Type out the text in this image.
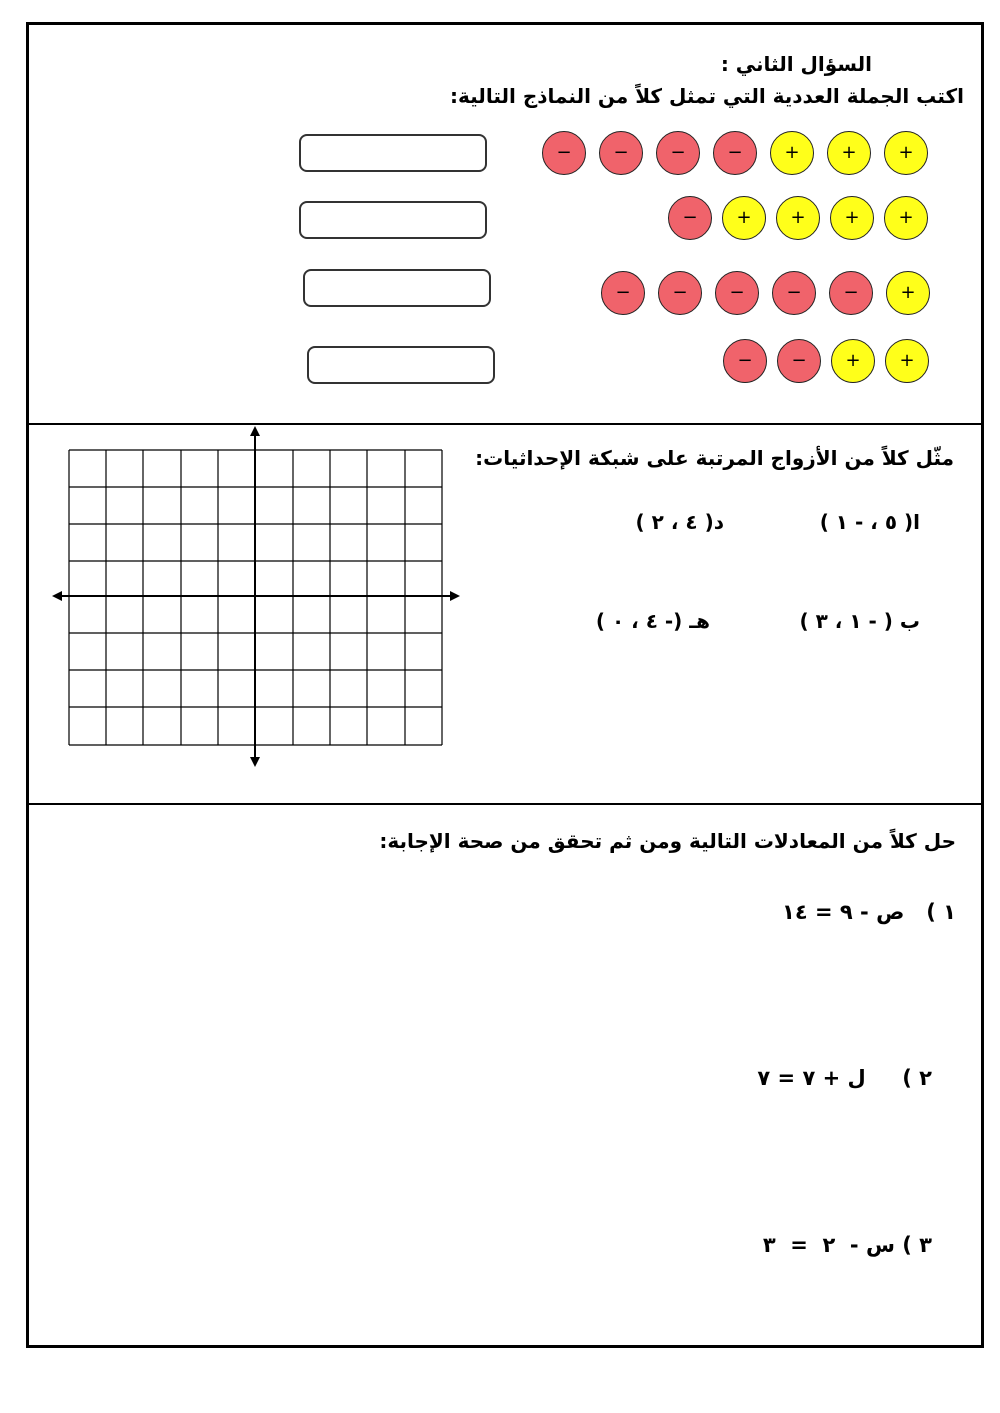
السؤال الثاني :
اكتب الجملة العددية التي تمثل كلاً من النماذج التالية:
+
+
+
−
−
−
−
+
+
+
+
−
+
−
−
−
−
−
+
+
−
−
مثّل كلاً من الأزواج المرتبة على شبكة الإحداثيات:
ا( ٥ ، - ١ )
د( ٤ ، ٢ )
ب ( - ١ ، ٣ )
هـ (- ٤ ، ٠ )
حل كلاً من المعادلات التالية ومن ثم تحقق من صحة الإجابة:
١ )   ص - ٩ = ١٤
٢ )     ل + ٧ = ٧
٣ ) س -  ٢  =  ٣
